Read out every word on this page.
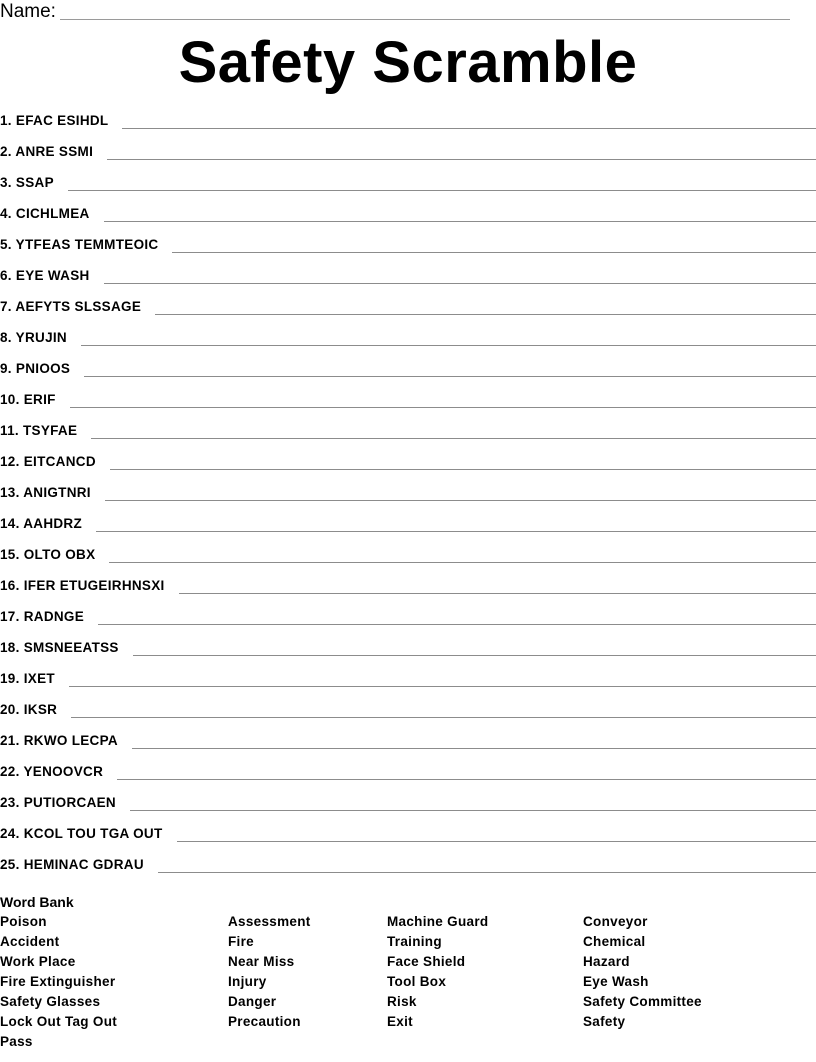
Name:
Safety Scramble
1. EFAC ESIHDL
2. ANRE SSMI
3. SSAP
4. CICHLMEA
5. YTFEAS TEMMTEOIC
6. EYE WASH
7. AEFYTS SLSSAGE
8. YRUJIN
9. PNIOOS
10. ERIF
11. TSYFAE
12. EITCANCD
13. ANIGTNRI
14. AAHDRZ
15. OLTO OBX
16. IFER ETUGEIRHNSXI
17. RADNGE
18. SMSNEEATSS
19. IXET
20. IKSR
21. RKWO LECPA
22. YENOOVCR
23. PUTIORCAEN
24. KCOL TOU TGA OUT
25. HEMINAC GDRAU
Word Bank
Poison
Accident
Work Place
Fire Extinguisher
Safety Glasses
Lock Out Tag Out
Pass
Assessment
Fire
Near Miss
Injury
Danger
Precaution
Machine Guard
Training
Face Shield
Tool Box
Risk
Exit
Conveyor
Chemical
Hazard
Eye Wash
Safety Committee
Safety
